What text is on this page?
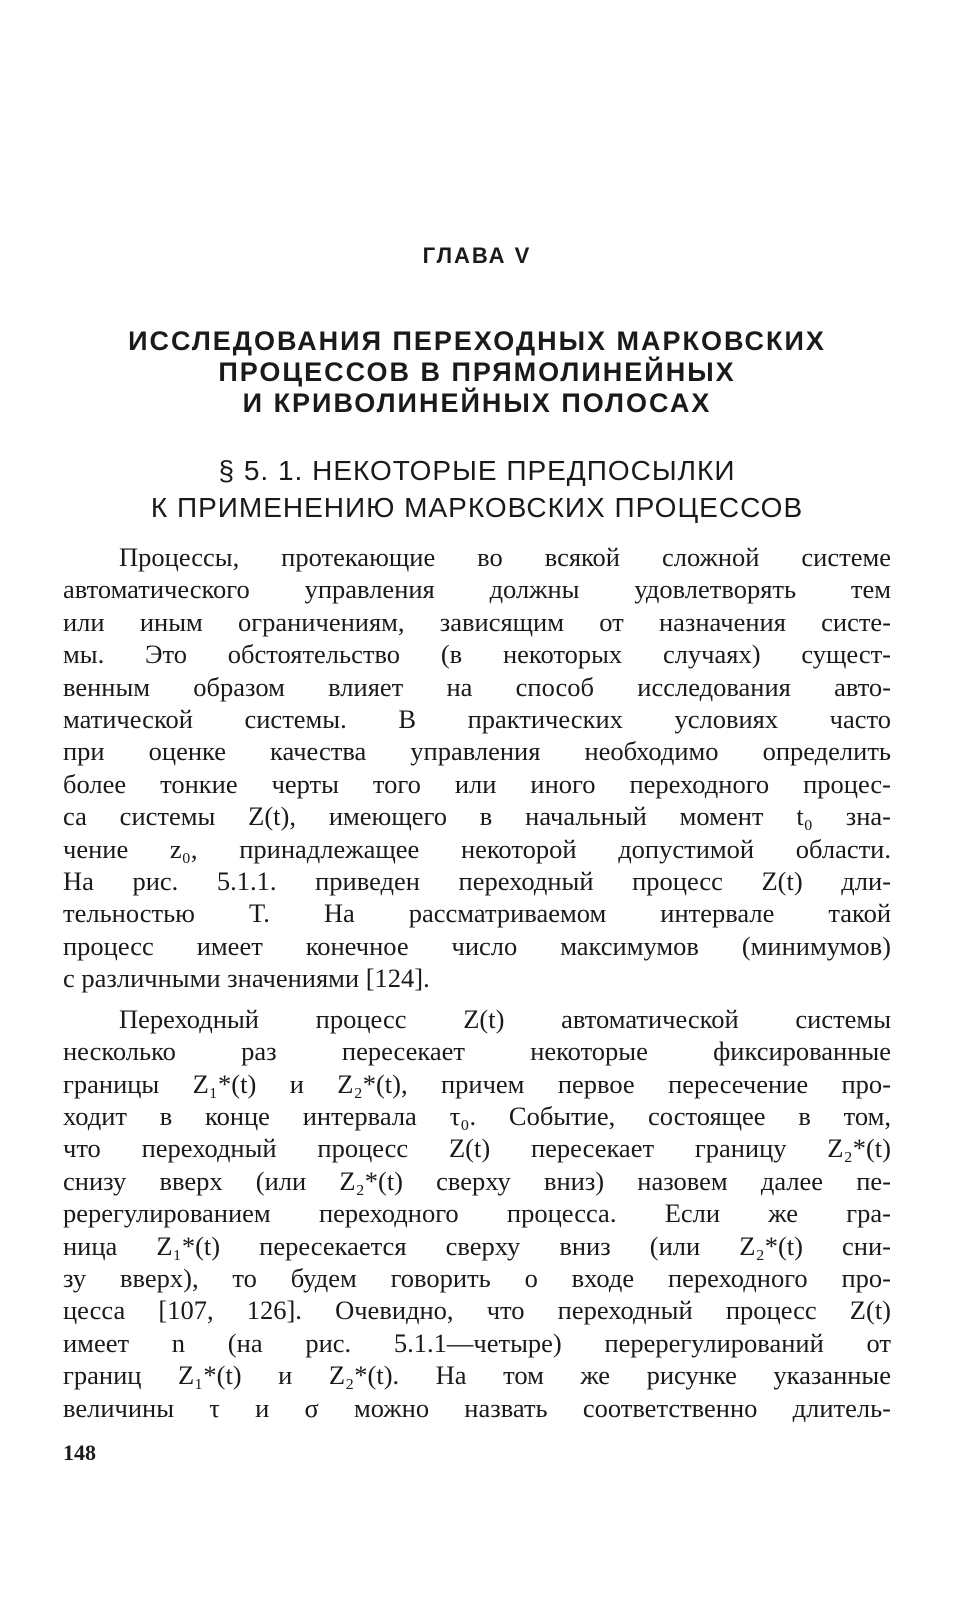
ГЛАВА V
ИССЛЕДОВАНИЯ ПЕРЕХОДНЫХ МАРКОВСКИХ
ПРОЦЕССОВ В ПРЯМОЛИНЕЙНЫХ
И КРИВОЛИНЕЙНЫХ ПОЛОСАХ
§ 5. 1. НЕКОТОРЫЕ ПРЕДПОСЫЛКИ
К ПРИМЕНЕНИЮ МАРКОВСКИХ ПРОЦЕССОВ

Процессы, протекающие во всякой сложной системе
автоматического управления должны удовлетворять тем
или иным ограничениям, зависящим от назначения систе-
мы. Это обстоятельство (в некоторых случаях) сущест-
венным образом влияет на способ исследования авто-
матической системы. В практических условиях часто
при оценке качества управления необходимо определить
более тонкие черты того или иного переходного процес-
са системы Z(t), имеющего в начальный момент t₀ зна-
чение z₀, принадлежащее некоторой допустимой области.
На рис. 5.1.1. приведен переходный процесс Z(t) дли-
тельностью T. На рассматриваемом интервале такой
процесс имеет конечное число максимумов (минимумов)
с различными значениями [124].

Переходный процесс Z(t) автоматической системы
несколько раз пересекает некоторые фиксированные
границы Z₁*(t) и Z₂*(t), причем первое пересечение про-
ходит в конце интервала τ₀. Событие, состоящее в том,
что переходный процесс Z(t) пересекает границу Z₂*(t)
снизу вверх (или Z₂*(t) сверху вниз) назовем далее пе-
ререгулированием переходного процесса. Если же гра-
ница Z₁*(t) пересекается сверху вниз (или Z₂*(t) сни-
зу вверх), то будем говорить о входе переходного про-
цесса [107, 126]. Очевидно, что переходный процесс Z(t)
имеет n (на рис. 5.1.1—четыре) перерегулирований от
границ Z₁*(t) и Z₂*(t). На том же рисунке указанные
величины τ и σ можно назвать соответственно длитель-

148
